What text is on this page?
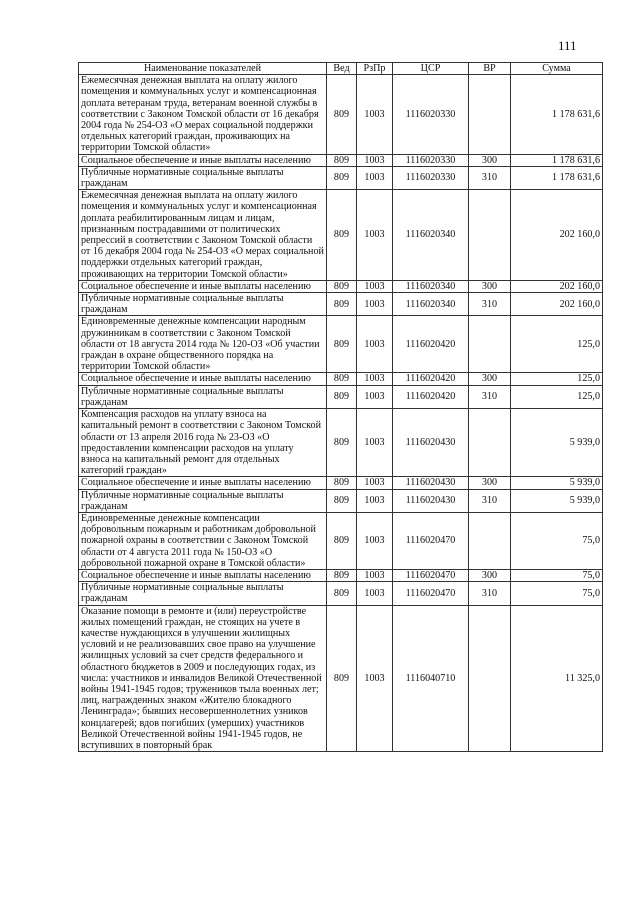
111
Наименование показателей	Вед	РзПр	ЦСР	ВР	Сумма
Ежемесячная денежная выплата на оплату жилого помещения и коммунальных услуг и компенсационная доплата ветеранам труда, ветеранам военной службы в соответствии с Законом Томской области от 16 декабря 2004 года № 254-ОЗ «О мерах социальной поддержки отдельных категорий граждан, проживающих на территории Томской области»	809	1003	1116020330		1 178 631,6
Социальное обеспечение и иные выплаты населению	809	1003	1116020330	300	1 178 631,6
Публичные нормативные социальные выплаты гражданам	809	1003	1116020330	310	1 178 631,6
Ежемесячная денежная выплата на оплату жилого помещения и коммунальных услуг и компенсационная доплата реабилитированным лицам и лицам, признанным пострадавшими от политических репрессий в соответствии с Законом Томской области от 16 декабря 2004 года № 254-ОЗ «О мерах социальной поддержки отдельных категорий граждан, проживающих на территории Томской области»	809	1003	1116020340		202 160,0
Социальное обеспечение и иные выплаты населению	809	1003	1116020340	300	202 160,0
Публичные нормативные социальные выплаты гражданам	809	1003	1116020340	310	202 160,0
Единовременные денежные компенсации народным дружинникам в соответствии с Законом Томской области от 18 августа 2014 года № 120-ОЗ «Об участии граждан в охране общественного порядка на территории Томской области»	809	1003	1116020420		125,0
Социальное обеспечение и иные выплаты населению	809	1003	1116020420	300	125,0
Публичные нормативные социальные выплаты гражданам	809	1003	1116020420	310	125,0
Компенсация расходов на уплату взноса на капитальный ремонт в соответствии с Законом Томской области от 13 апреля 2016 года № 23-ОЗ «О предоставлении компенсации расходов на уплату взноса на капитальный ремонт для отдельных категорий граждан»	809	1003	1116020430		5 939,0
Социальное обеспечение и иные выплаты населению	809	1003	1116020430	300	5 939,0
Публичные нормативные социальные выплаты гражданам	809	1003	1116020430	310	5 939,0
Единовременные денежные компенсации добровольным пожарным и работникам добровольной пожарной охраны в соответствии с Законом Томской области от 4 августа 2011 года № 150-ОЗ «О добровольной пожарной охране в Томской области»	809	1003	1116020470		75,0
Социальное обеспечение и иные выплаты населению	809	1003	1116020470	300	75,0
Публичные нормативные социальные выплаты гражданам	809	1003	1116020470	310	75,0
Оказание помощи в ремонте и (или) переустройстве жилых помещений граждан, не стоящих на учете в качестве нуждающихся в улучшении жилищных условий и не реализовавших свое право на улучшение жилищных условий за счет средств федерального и областного бюджетов в 2009 и последующих годах, из числа: участников и инвалидов Великой Отечественной войны 1941-1945 годов; тружеников тыла военных лет; лиц, награжденных знаком «Жителю блокадного Ленинграда»; бывших несовершеннолетних узников концлагерей; вдов погибших (умерших) участников Великой Отечественной войны 1941-1945 годов, не вступивших в повторный брак	809	1003	1116040710		11 325,0
